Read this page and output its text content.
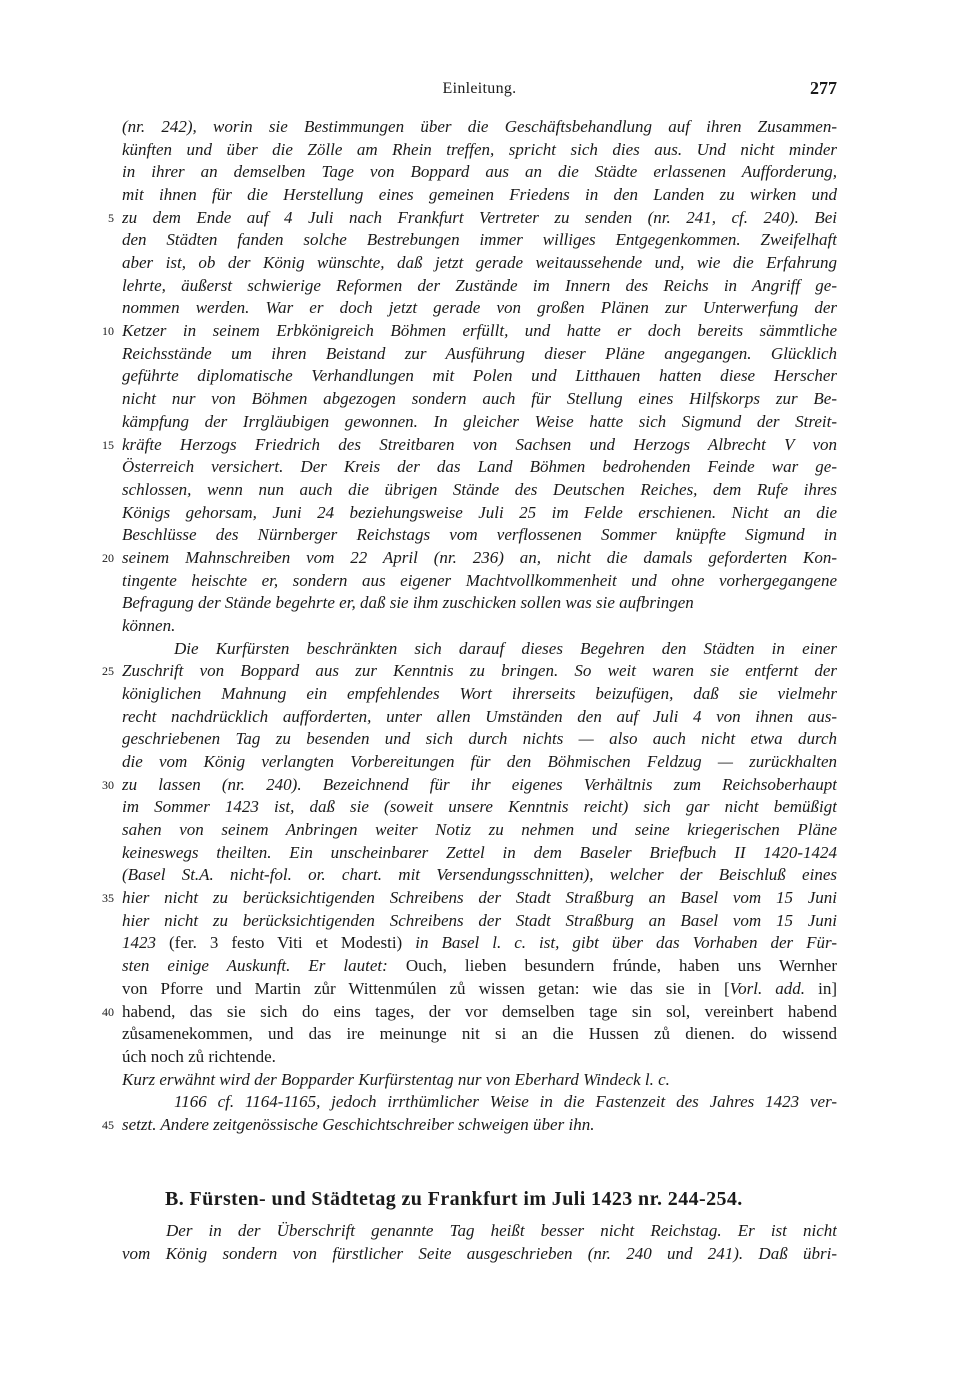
Einleitung.	277
(nr. 242), worin sie Bestimmungen über die Geschäftsbehandlung auf ihren Zusammen-
künften und über die Zölle am Rhein treffen, spricht sich dies aus. Und nicht minder
in ihrer an demselben Tage von Boppard aus an die Städte erlassenen Aufforderung,
mit ihnen für die Herstellung eines gemeinen Friedens in den Landen zu wirken und
zu dem Ende auf 4 Juli nach Frankfurt Vertreter zu senden (nr. 241, cf. 240). Bei
den Städten fanden solche Bestrebungen immer williges Entgegenkommen. Zweifelhaft
aber ist, ob der König wünschte, daß jetzt gerade weitaussehende und, wie die Erfahrung
lehrte, äußerst schwierige Reformen der Zustände im Innern des Reichs in Angriff ge-
nommen werden. War er doch jetzt gerade von großen Plänen zur Unterwerfung der
Ketzer in seinem Erbkönigreich Böhmen erfüllt, und hatte er doch bereits sämmtliche
Reichsstände um ihren Beistand zur Ausführung dieser Pläne angegangen. Glücklich
geführte diplomatische Verhandlungen mit Polen und Litthauen hatten diese Herscher
nicht nur von Böhmen abgezogen sondern auch für Stellung eines Hilfskorps zur Be-
kämpfung der Irrgläubigen gewonnen. In gleicher Weise hatte sich Sigmund der Streit-
kräfte Herzogs Friedrich des Streitbaren von Sachsen und Herzogs Albrecht V von
Österreich versichert. Der Kreis der das Land Böhmen bedrohenden Feinde war ge-
schlossen, wenn nun auch die übrigen Stände des Deutschen Reiches, dem Rufe ihres
Königs gehorsam, Juni 24 beziehungsweise Juli 25 im Felde erschienen. Nicht an die
Beschlüsse des Nürnberger Reichstags vom verflossenen Sommer knüpfte Sigmund in
seinem Mahnschreiben vom 22 April (nr. 236) an, nicht die damals geforderten Kon-
tingente heischte er, sondern aus eigener Machtvollkommenheit und ohne vorhergegangene
Befragung der Stände begehrte er, daß sie ihm zuschicken sollen was sie aufbringen
können.
Die Kurfürsten beschränkten sich darauf dieses Begehren den Städten in einer
Zuschrift von Boppard aus zur Kenntnis zu bringen. So weit waren sie entfernt der
königlichen Mahnung ein empfehlendes Wort ihrerseits beizufügen, daß sie vielmehr
recht nachdrücklich aufforderten, unter allen Umständen den auf Juli 4 von ihnen aus-
geschriebenen Tag zu besenden und sich durch nichts — also auch nicht etwa durch
die vom König verlangten Vorbereitungen für den Böhmischen Feldzug — zurückhalten
zu lassen (nr. 240). Bezeichnend für ihr eigenes Verhältnis zum Reichsoberhaupt
im Sommer 1423 ist, daß sie (soweit unsere Kenntnis reicht) sich gar nicht bemüßigt
sahen von seinem Anbringen weiter Notiz zu nehmen und seine kriegerischen Pläne
keineswegs theilten. Ein unscheinbarer Zettel in dem Baseler Briefbuch II 1420-1424
(Basel St.A. nicht-fol. or. chart. mit Versendungsschnitten), welcher der Beischluß eines
hier nicht zu berücksichtigenden Schreibens der Stadt Straßburg an Basel vom 15 Juni
hier nicht zu berücksichtigenden Schreibens der Stadt Straßburg an Basel vom 15 Juni
1423 (fer. 3 festo Viti et Modesti) in Basel l. c. ist, gibt über das Vorhaben der Für-
sten einige Auskunft. Er lautet: Ouch, lieben besundern frúnde, haben uns Wernher
von Pforre und Martin zůr Wittenmúlen zů wissen getan: wie das sie in [Vorl. add. in]
habend, das sie sich do eins tages, der vor demselben tage sin sol, vereinbert habend
zůsamenekommen, und das ire meinunge nit si an die Hussen zů dienen. do wissend
úch noch zů richtende.
Kurz erwähnt wird der Bopparder Kurfürstentag nur von Eberhard Windeck l. c.
1166 cf. 1164-1165, jedoch irrthümlicher Weise in die Fastenzeit des Jahres 1423 ver-
setzt. Andere zeitgenössische Geschichtschreiber schweigen über ihn.
5
10
15
20
25
30
35
40
45
B. Fürsten- und Städtetag zu Frankfurt im Juli 1423 nr. 244-254.
Der in der Überschrift genannte Tag heißt besser nicht Reichstag. Er ist nicht
vom König sondern von fürstlicher Seite ausgeschrieben (nr. 240 und 241). Daß übri-
